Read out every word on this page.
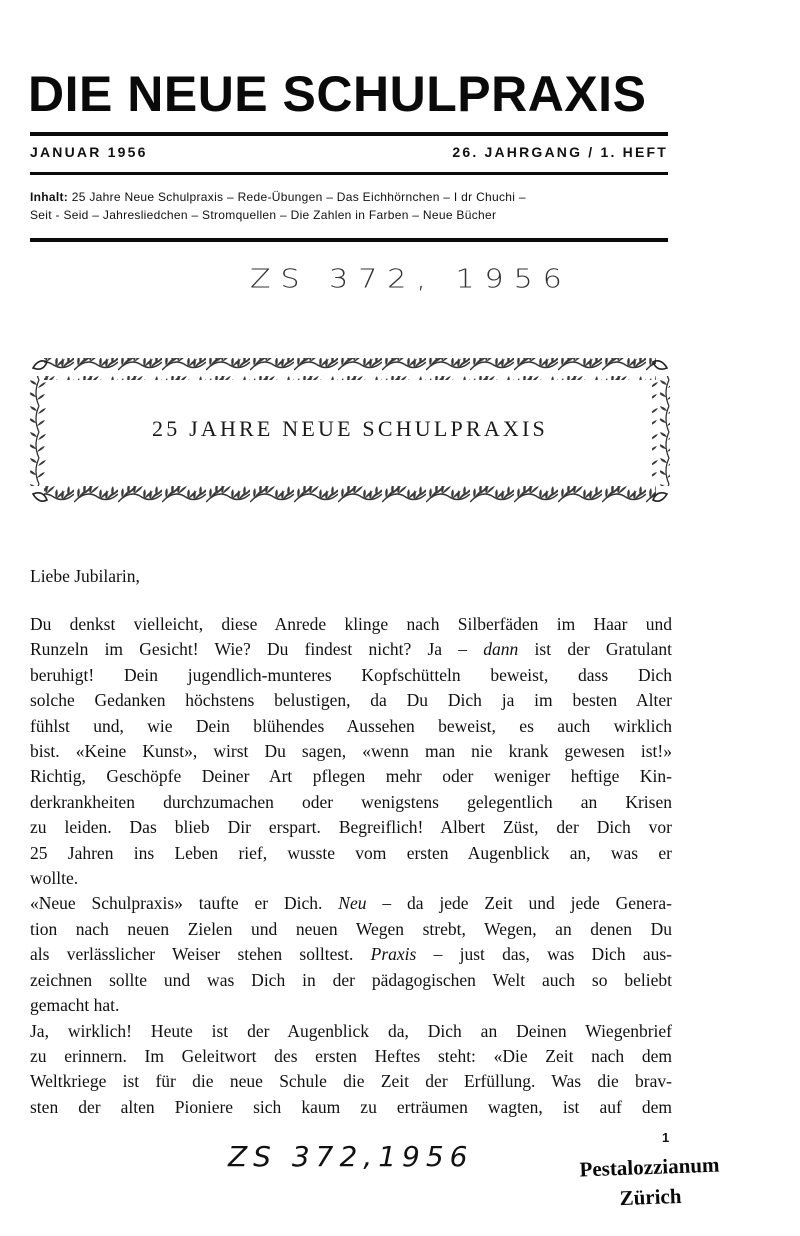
DIE NEUE SCHULPRAXIS
JANUAR 1956	26. JAHRGANG / 1. HEFT
Inhalt: 25 Jahre Neue Schulpraxis – Rede-Übungen – Das Eichhörnchen – I dr Chuchi –
Seit - Seid – Jahresliedchen – Stromquellen – Die Zahlen in Farben – Neue Bücher
ZS 372, 1956
25 JAHRE NEUE SCHULPRAXIS
Liebe Jubilarin,
Du denkst vielleicht, diese Anrede klinge nach Silberfäden im Haar und
Runzeln im Gesicht! Wie? Du findest nicht? Ja – dann ist der Gratulant
beruhigt! Dein jugendlich-munteres Kopfschütteln beweist, dass Dich
solche Gedanken höchstens belustigen, da Du Dich ja im besten Alter
fühlst und, wie Dein blühendes Aussehen beweist, es auch wirklich
bist. «Keine Kunst», wirst Du sagen, «wenn man nie krank gewesen ist!»
Richtig, Geschöpfe Deiner Art pflegen mehr oder weniger heftige Kin-
derkrankheiten durchzumachen oder wenigstens gelegentlich an Krisen
zu leiden. Das blieb Dir erspart. Begreiflich! Albert Züst, der Dich vor
25 Jahren ins Leben rief, wusste vom ersten Augenblick an, was er
wollte.
«Neue Schulpraxis» taufte er Dich. Neu – da jede Zeit und jede Genera-
tion nach neuen Zielen und neuen Wegen strebt, Wegen, an denen Du
als verlässlicher Weiser stehen solltest. Praxis – just das, was Dich aus-
zeichnen sollte und was Dich in der pädagogischen Welt auch so beliebt
gemacht hat.
Ja, wirklich! Heute ist der Augenblick da, Dich an Deinen Wiegenbrief
zu erinnern. Im Geleitwort des ersten Heftes steht: «Die Zeit nach dem
Weltkriege ist für die neue Schule die Zeit der Erfüllung. Was die brav-
sten der alten Pioniere sich kaum zu erträumen wagten, ist auf dem
1
ZS 372,1956	Pestalozzianum
Zürich
